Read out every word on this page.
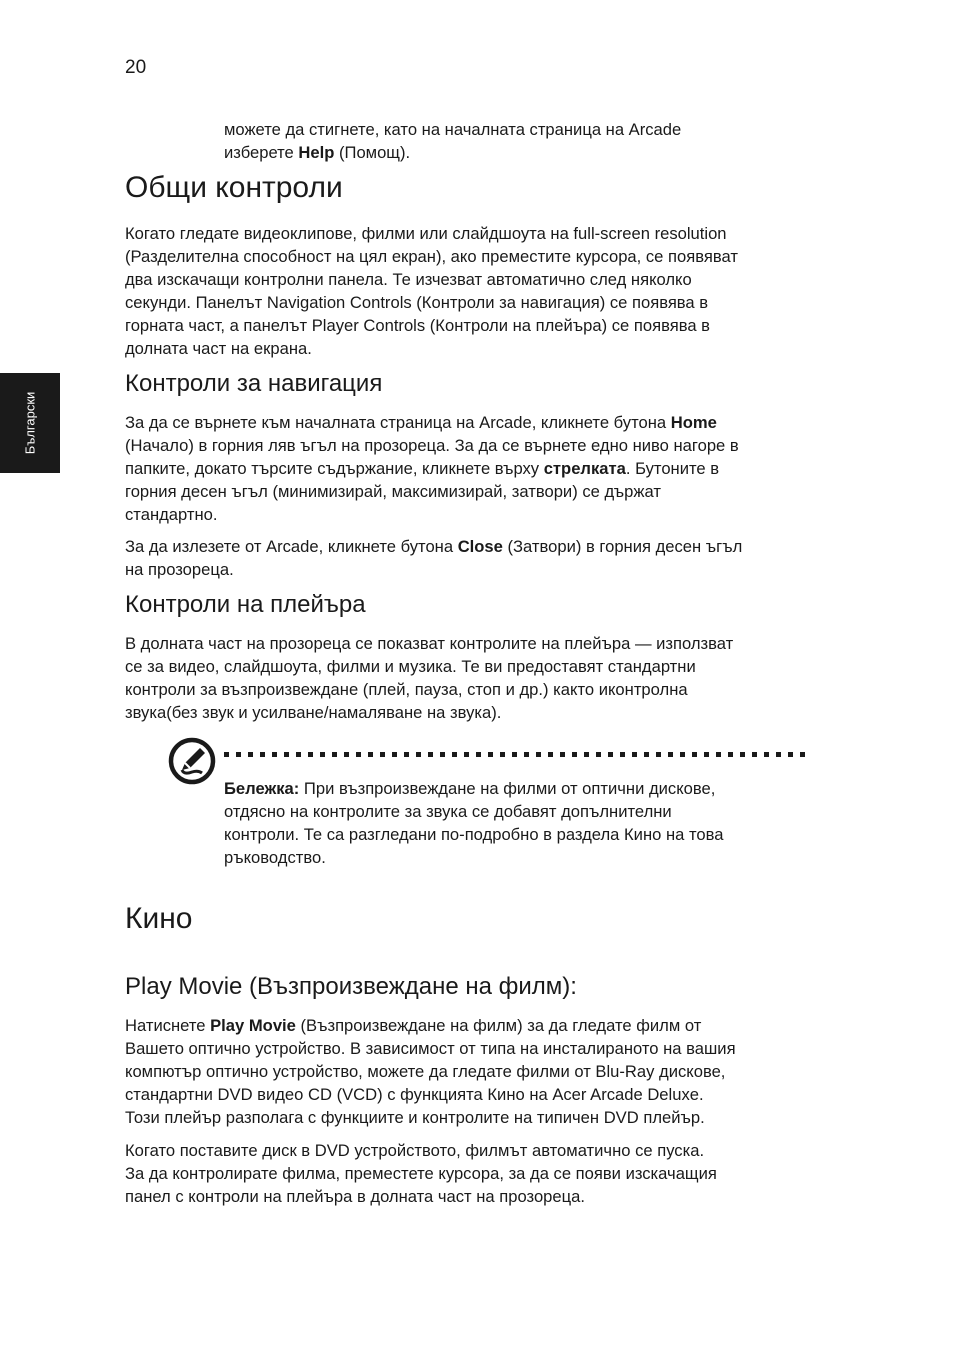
20
Български

можете да стигнете, като на началната страница на Arcade

изберете Help (Помощ).

Общи контроли

Когато гледате видеоклипове, филми или слайдшоута на full-screen resolution

(Разделителна способност на цял екран), ако преместите курсора, се появяват

два изскачащи контролни панела. Те изчезват автоматично след няколко

секунди. Панелът Navigation Controls (Контроли за навигация) се появява в

горната част, а панелът Player Controls (Контроли на плейъра) се появява в

долната част на екрана.

Контроли за навигация

За да се върнете към началната страница на Arcade, кликнете бутона Home

(Начало) в горния ляв ъгъл на прозореца. За да се върнете едно ниво нагоре в

папките, докато търсите съдържание, кликнете върху стрелката. Бутоните в

горния десен ъгъл (минимизирай, максимизирай, затвори) се държат

стандартно.

За да излезете от Arcade, кликнете бутона Close (Затвори) в горния десен ъгъл

на прозореца.

Контроли на плейъра

В долната част на прозореца се показват контролите на плейъра — използват

се за видео, слайдшоута, филми и музика. Те ви предоставят стандартни

контроли за възпроизвеждане (плей, пауза, стоп и др.) както иконтролна

звука(без звук и усилване/намаляване на звука).

Бележка: При възпроизвеждане на филми от оптични дискове,

отдясно на контролите за звука се добавят допълнителни

контроли. Те са разгледани по-подробно в раздела Кино на това

ръководство.

Кино
Play Movie (Възпроизвеждане на филм):

Натиснете Play Movie (Възпроизвеждане на филм) за да гледате филм от

Вашето оптично устройство. В зависимост от типа на инсталираното на вашия

компютър оптично устройство, можете да гледате филми от Blu-Ray дискове,

стандартни DVD видео CD (VCD) с функцията Кино на Acer Arcade Deluxe.

Този плейър разполага с функциите и контролите на типичен DVD плейър.

Когато поставите диск в DVD устройството, филмът автоматично се пуска.

За да контролирате филма, преместете курсора, за да се появи изскачащия

панел с контроли на плейъра в долната част на прозореца.
